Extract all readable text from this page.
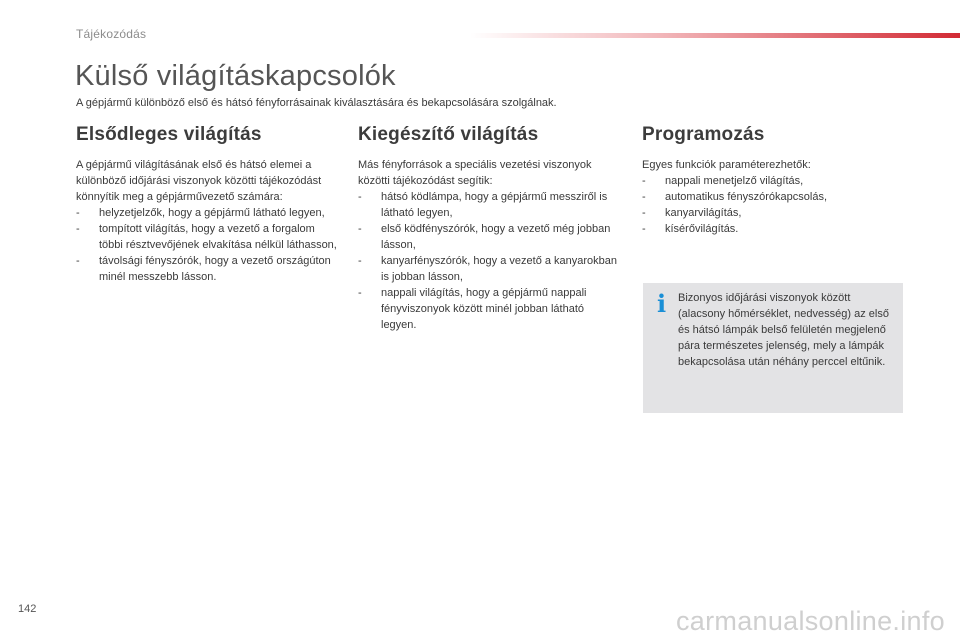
Tájékozódás
Külső világításkapcsolók

A gépjármű különböző első és hátsó fényforrásainak kiválasztására és bekapcsolására szolgálnak.

Elsődleges világítás

A gépjármű világításának első és hátsó elemei a különböző időjárási viszonyok közötti tájékozódást könnyítik meg a gépjárművezető számára:

- helyzetjelzők, hogy a gépjármű látható legyen,
- tompított világítás, hogy a vezető a forgalom többi résztvevőjének elvakítása nélkül láthasson,
- távolsági fényszórók, hogy a vezető országúton minél messzebb lásson.
Kiegészítő világítás

Más fényforrások a speciális vezetési viszonyok közötti tájékozódást segítik:

- hátsó ködlámpa, hogy a gépjármű messziről is látható legyen,
- első ködfényszórók, hogy a vezető még jobban lásson,
- kanyarfényszórók, hogy a vezető a kanyarokban is jobban lásson,
- nappali világítás, hogy a gépjármű nappali fényviszonyok között minél jobban látható legyen.
Programozás

Egyes funkciók paraméterezhetők:

- nappali menetjelző világítás,
- automatikus fényszórókapcsolás,
- kanyarvilágítás,
- kísérővilágítás.
i Bizonyos időjárási viszonyok között (alacsony hőmérséklet, nedvesség) az első és hátsó lámpák belső felületén megjelenő pára természetes jelenség, mely a lámpák bekapcsolása után néhány perccel eltűnik.

142	carmanualsonline.info
